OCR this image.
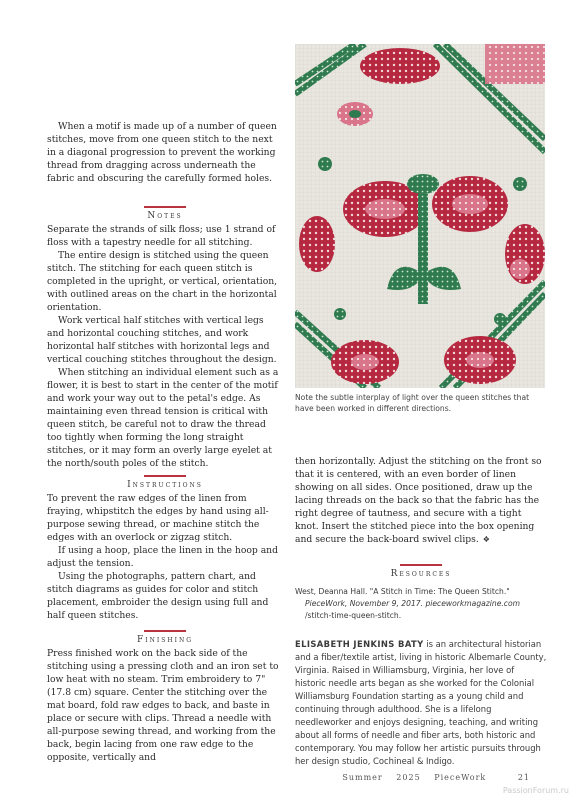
When a motif is made up of a number of queen stitches, move from one queen stitch to the next in a diagonal progression to prevent the working thread from dragging across underneath the fabric and obscuring the carefully formed holes.

Notes

Separate the strands of silk floss; use 1 strand of floss with a tapestry needle for all stitching.

The entire design is stitched using the queen stitch. The stitching for each queen stitch is completed in the upright, or vertical, orientation, with outlined areas on the chart in the horizontal orientation.

Work vertical half stitches with vertical legs and horizontal couching stitches, and work horizontal half stitches with horizontal legs and vertical couching stitches throughout the design.

When stitching an individual element such as a flower, it is best to start in the center of the motif and work your way out to the petal's edge. As maintaining even thread tension is critical with queen stitch, be careful not to draw the thread too tightly when forming the long straight stitches, or it may form an overly large eyelet at the north/south poles of the stitch.

Instructions

To prevent the raw edges of the linen from fraying, whipstitch the edges by hand using all-purpose sewing thread, or machine stitch the edges with an overlock or zigzag stitch.

If using a hoop, place the linen in the hoop and adjust the tension.

Using the photographs, pattern chart, and stitch diagrams as guides for color and stitch placement, embroider the design using full and half queen stitches.

Finishing

Press finished work on the back side of the stitching using a pressing cloth and an iron set to low heat with no steam. Trim embroidery to 7" (17.8 cm) square. Center the stitching over the mat board, fold raw edges to back, and baste in place or secure with clips. Thread a needle with all-purpose sewing thread, and working from the back, begin lacing from one raw edge to the opposite, vertically and

Note the subtle interplay of light over the queen stitches that have been worked in different directions.

then horizontally. Adjust the stitching on the front so that it is centered, with an even border of linen showing on all sides. Once positioned, draw up the lacing threads on the back so that the fabric has the right degree of tautness, and secure with a tight knot. Insert the stitched piece into the box opening and secure the back-board swivel clips. ❖

Resources
West, Deanna Hall. "A Stitch in Time: The Queen Stitch."
PieceWork, November 9, 2017. pieceworkmagazine.com
/stitch-time-queen-stitch.
ELISABETH JENKINS BATY is an architectural historian and a fiber/textile artist, living in historic Albemarle County, Virginia. Raised in Williamsburg, Virginia, her love of historic needle arts began as she worked for the Colonial Williamsburg Foundation starting as a young child and continuing through adulthood. She is a lifelong needleworker and enjoys designing, teaching, and writing about all forms of needle and fiber arts, both historic and contemporary. You may follow her artistic pursuits through her design studio, Cochineal & Indigo.
Summer 2025 PieceWork	21
PassionForum.ru
